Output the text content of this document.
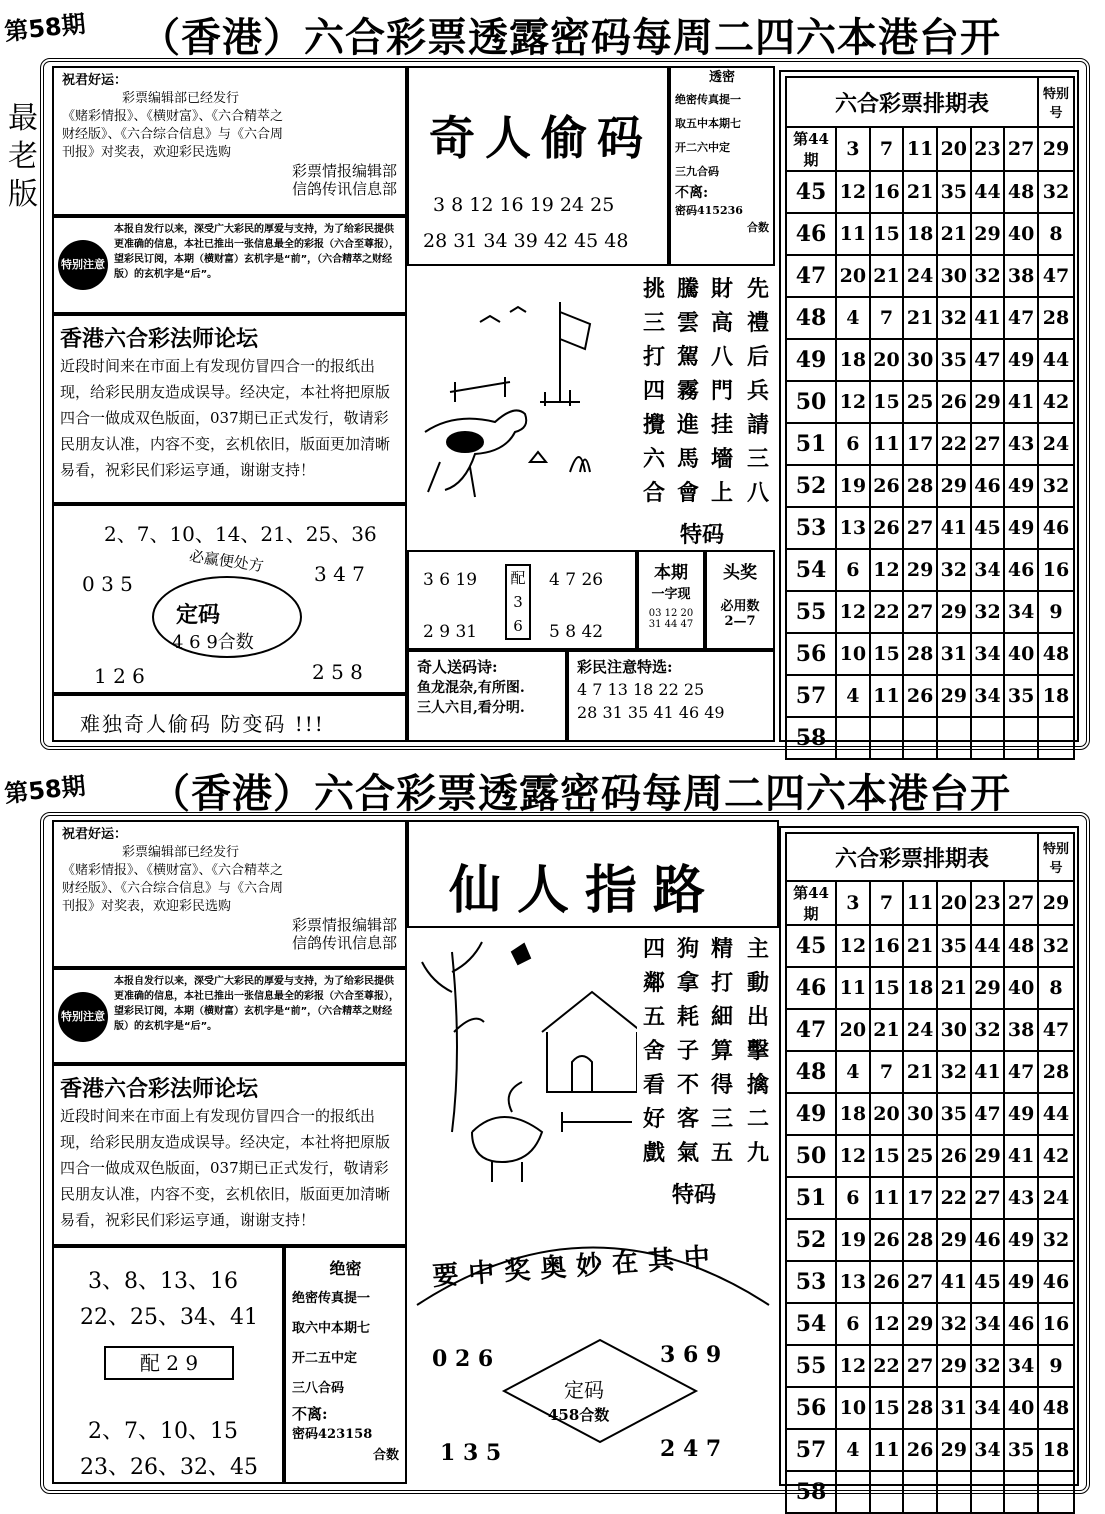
第58期 （香港）六合彩票透露密码每周二四六本港台开
最老版
祝君好运：
彩票编辑部已经发行
《赌彩情报》、《横财富》、《六合精萃之
财经版》、《六合综合信息》与《六合周
刊报》对奖表，欢迎彩民选购
彩票情报编辑部
信鸽传讯信息部
特别注意
本报自发行以来，深受广大彩民的厚爱与支持，为了给彩民提供更准确的信息，本社已推出一张信息最全的彩报（六合至尊报），望彩民订阅，本期（横财富）玄机字是“前”，（六合精萃之财经版）的玄机字是“后”。
香港六合彩法师论坛
近段时间来在市面上有发现仿冒四合一的报纸出现，给彩民朋友造成误导。经决定，本社将把原版四合一做成双色版面，037期已正式发行，敬请彩民朋友认准，内容不变，玄机依旧，版面更加清晰易看，祝彩民们彩运亨通，谢谢支持！
2、7、10、14、21、25、36
必赢便处方
0 3 5	3 4 7
定码
4 6 9合数
1 2 6	2 5 8
难独奇人偷码 防变码 !!!
奇人偷码
3 8 12 16 19 24 25
28 31 34 39 42 45 48
透密
绝密传真提一
取五中本期七
开二六中定
三九合码
不离:
密码415236
合数
先
禮
后
兵
請
三
八
財
高
八
門
挂
墻
上
騰
雲
駕
霧
進
馬
會
挑
三
打
四
攪
六
合
特码
3 6 19
2 9 31
配
3 6
4 7 26
5 8 42
本期
一字现
03 12 20
31 44 47
头奖
必用数
2—7
奇人送码诗:
鱼龙混杂,有所图.
三人六目,看分明.
彩民注意特选:
4 7 13 18 22 25
28 31 35 41 46 49
六合彩票排期表							特别号
第44期	3	7	11	20	23	27	29
45	12	16	21	35	44	48	32
46	11	15	18	21	29	40	8
47	20	21	24	30	32	38	47
48	4	7	21	32	41	47	28
49	18	20	30	35	47	49	44
50	12	15	25	26	29	41	42
51	6	11	17	22	27	43	24
52	19	26	28	29	46	49	32
53	13	26	27	41	45	49	46
54	6	12	29	32	34	46	16
55	12	22	27	29	32	34	9
56	10	15	28	31	34	40	48
57	4	11	26	29	34	35	18
58							
第58期 （香港）六合彩票透露密码每周二四六本港台开
祝君好运：
彩票编辑部已经发行
《赌彩情报》、《横财富》、《六合精萃之
财经版》、《六合综合信息》与《六合周
刊报》对奖表，欢迎彩民选购
彩票情报编辑部
信鸽传讯信息部
特别注意
本报自发行以来，深受广大彩民的厚爱与支持，为了给彩民提供更准确的信息，本社已推出一张信息最全的彩报（六合至尊报），望彩民订阅，本期（横财富）玄机字是“前”，（六合精萃之财经版）的玄机字是“后”。
香港六合彩法师论坛
近段时间来在市面上有发现仿冒四合一的报纸出现，给彩民朋友造成误导。经决定，本社将把原版四合一做成双色版面，037期已正式发行，敬请彩民朋友认准，内容不变，玄机依旧，版面更加清晰易看，祝彩民们彩运亨通，谢谢支持！
3、8、13、16
22、25、34、41
配 2 9
2、7、10、15
23、26、32、45
绝密
绝密传真提一
取六中本期七
开二五中定
三八合码
不离:
密码423158
合数
仙人指路
主
動
出
擊
擒
二
九
精
打
細
算
得
三
五
狗
拿
耗
子
不
客
氣
四
鄰
五
舍
看
好
戲
特码
要中奖奥妙在其中
0 2 6	3 6 9
定码
458合数
1 3 5	2 4 7
六合彩票排期表							特别号
第44期	3	7	11	20	23	27	29
45	12	16	21	35	44	48	32
46	11	15	18	21	29	40	8
47	20	21	24	30	32	38	47
48	4	7	21	32	41	47	28
49	18	20	30	35	47	49	44
50	12	15	25	26	29	41	42
51	6	11	17	22	27	43	24
52	19	26	28	29	46	49	32
53	13	26	27	41	45	49	46
54	6	12	29	32	34	46	16
55	12	22	27	29	32	34	9
56	10	15	28	31	34	40	48
57	4	11	26	29	34	35	18
58							
